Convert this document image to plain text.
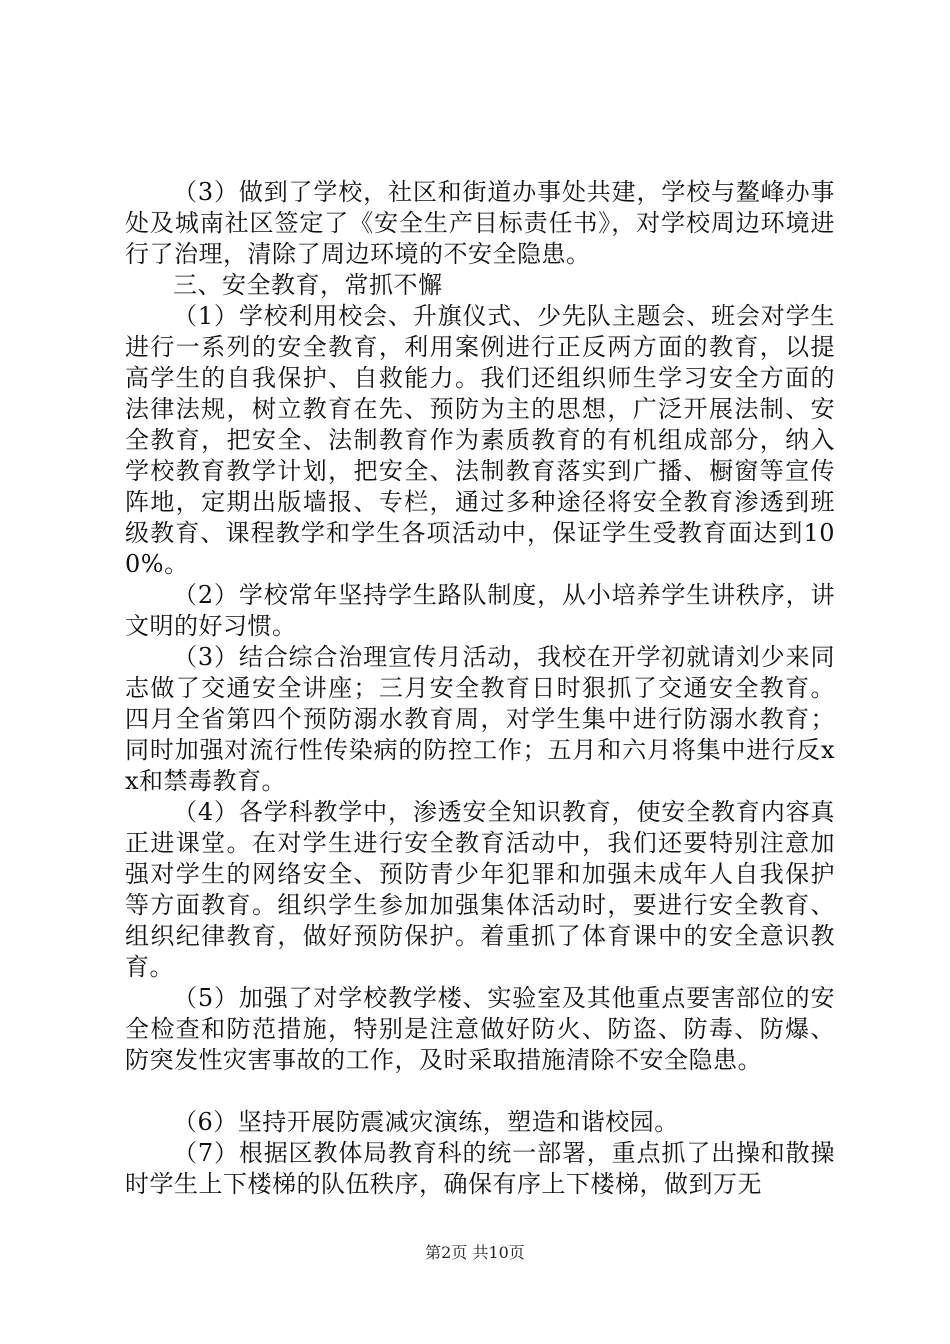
（3）做到了学校，社区和街道办事处共建，学校与鳌峰办事处及城南社区签定了《安全生产目标责任书》，对学校周边环境进行了治理，清除了周边环境的不安全隐患。

三、安全教育，常抓不懈

（1）学校利用校会、升旗仪式、少先队主题会、班会对学生进行一系列的安全教育，利用案例进行正反两方面的教育，以提高学生的自我保护、自救能力。我们还组织师生学习安全方面的法律法规，树立教育在先、预防为主的思想，广泛开展法制、安全教育，把安全、法制教育作为素质教育的有机组成部分，纳入学校教育教学计划，把安全、法制教育落实到广播、橱窗等宣传阵地，定期出版墙报、专栏，通过多种途径将安全教育渗透到班级教育、课程教学和学生各项活动中，保证学生受教育面达到100%。

（2）学校常年坚持学生路队制度，从小培养学生讲秩序，讲文明的好习惯。

（3）结合综合治理宣传月活动，我校在开学初就请刘少来同志做了交通安全讲座；三月安全教育日时狠抓了交通安全教育。四月全省第四个预防溺水教育周，对学生集中进行防溺水教育；同时加强对流行性传染病的防控工作；五月和六月将集中进行反xx和禁毒教育。

（4）各学科教学中，渗透安全知识教育，使安全教育内容真正进课堂。在对学生进行安全教育活动中，我们还要特别注意加强对学生的网络安全、预防青少年犯罪和加强未成年人自我保护等方面教育。组织学生参加加强集体活动时，要进行安全教育、组织纪律教育，做好预防保护。着重抓了体育课中的安全意识教育。

（5）加强了对学校教学楼、实验室及其他重点要害部位的安全检查和防范措施，特别是注意做好防火、防盗、防毒、防爆、防突发性灾害事故的工作，及时采取措施清除不安全隐患。

（6）坚持开展防震减灾演练，塑造和谐校园。

（7）根据区教体局教育科的统一部署，重点抓了出操和散操时学生上下楼梯的队伍秩序，确保有序上下楼梯，做到万无

第2页 共10页
